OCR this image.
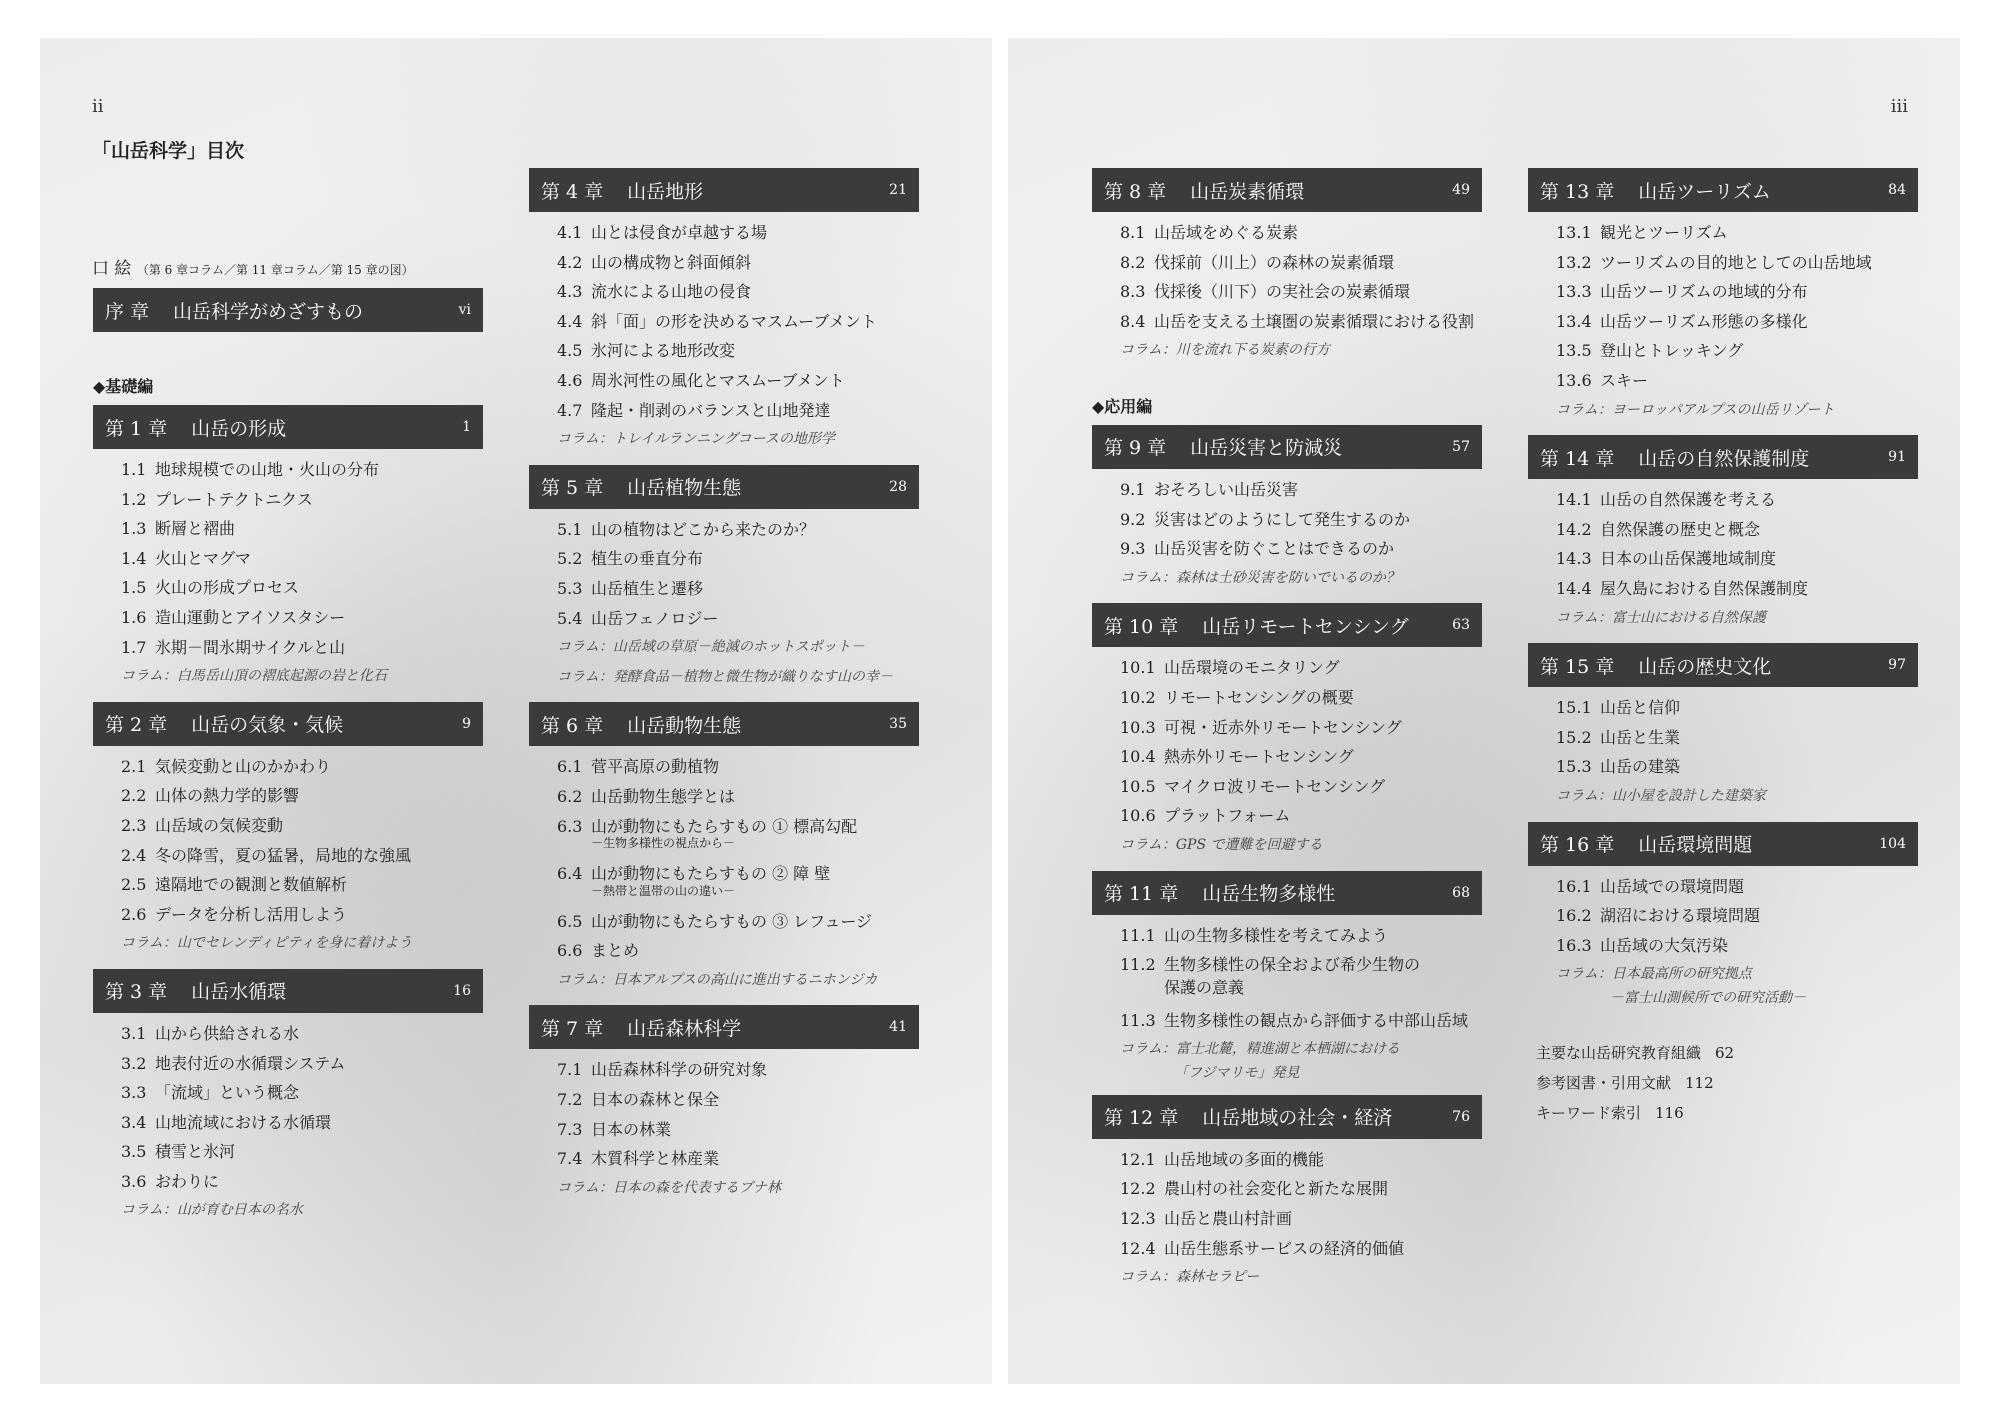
ii
「山岳科学」目次
口 絵 （第 6 章コラム／第 11 章コラム／第 15 章の図）
序 章 山岳科学がめざすもの	vi
◆基礎編
第 1 章 山岳の形成	1
1.1 地球規模での山地・火山の分布
1.2 プレートテクトニクス
1.3 断層と褶曲
1.4 火山とマグマ
1.5 火山の形成プロセス
1.6 造山運動とアイソスタシー
1.7 氷期－間氷期サイクルと山
コラム：白馬岳山頂の褶底起源の岩と化石
第 2 章 山岳の気象・気候	9
2.1 気候変動と山のかかわり
2.2 山体の熱力学的影響
2.3 山岳域の気候変動
2.4 冬の降雪，夏の猛暑，局地的な強風
2.5 遠隔地での観測と数値解析
2.6 データを分析し活用しよう
コラム：山でセレンディピティを身に着けよう
第 3 章 山岳水循環	16
3.1 山から供給される水
3.2 地表付近の水循環システム
3.3 「流域」という概念
3.4 山地流域における水循環
3.5 積雪と氷河
3.6 おわりに
コラム：山が育む日本の名水
第 4 章 山岳地形	21
4.1 山とは侵食が卓越する場
4.2 山の構成物と斜面傾斜
4.3 流水による山地の侵食
4.4 斜「面」の形を決めるマスムーブメント
4.5 氷河による地形改変
4.6 周氷河性の風化とマスムーブメント
4.7 隆起・削剥のバランスと山地発達
コラム：トレイルランニングコースの地形学
第 5 章 山岳植物生態	28
5.1 山の植物はどこから来たのか？
5.2 植生の垂直分布
5.3 山岳植生と遷移
5.4 山岳フェノロジー
コラム：山岳域の草原－絶滅のホットスポット－
コラム：発酵食品－植物と微生物が織りなす山の幸－
第 6 章 山岳動物生態	35
6.1 菅平高原の動植物
6.2 山岳動物生態学とは
6.3 山が動物にもたらすもの ① 標高勾配
－生物多様性の視点から－
6.4 山が動物にもたらすもの ② 障 壁
－熱帯と温帯の山の違い－
6.5 山が動物にもたらすもの ③ レフュージ
6.6 まとめ
コラム：日本アルプスの高山に進出するニホンジカ
第 7 章 山岳森林科学	41
7.1 山岳森林科学の研究対象
7.2 日本の森林と保全
7.3 日本の林業
7.4 木質科学と林産業
コラム：日本の森を代表するブナ林
iii
第 8 章 山岳炭素循環	49
8.1 山岳域をめぐる炭素
8.2 伐採前（川上）の森林の炭素循環
8.3 伐採後（川下）の実社会の炭素循環
8.4 山岳を支える土壌圏の炭素循環における役割
コラム：川を流れ下る炭素の行方
◆応用編
第 9 章 山岳災害と防減災	57
9.1 おそろしい山岳災害
9.2 災害はどのようにして発生するのか
9.3 山岳災害を防ぐことはできるのか
コラム：森林は土砂災害を防いでいるのか？
第 10 章 山岳リモートセンシング	63
10.1 山岳環境のモニタリング
10.2 リモートセンシングの概要
10.3 可視・近赤外リモートセンシング
10.4 熱赤外リモートセンシング
10.5 マイクロ波リモートセンシング
10.6 プラットフォーム
コラム：GPS で遭難を回避する
第 11 章 山岳生物多様性	68
11.1 山の生物多様性を考えてみよう
11.2 生物多様性の保全および希少生物の
保護の意義
11.3 生物多様性の観点から評価する中部山岳域
コラム：富士北麓，精進湖と本栖湖における
「フジマリモ」発見
第 12 章 山岳地域の社会・経済	76
12.1 山岳地域の多面的機能
12.2 農山村の社会変化と新たな展開
12.3 山岳と農山村計画
12.4 山岳生態系サービスの経済的価値
コラム：森林セラピー
第 13 章 山岳ツーリズム	84
13.1 観光とツーリズム
13.2 ツーリズムの目的地としての山岳地域
13.3 山岳ツーリズムの地域的分布
13.4 山岳ツーリズム形態の多様化
13.5 登山とトレッキング
13.6 スキー
コラム：ヨーロッパアルプスの山岳リゾート
第 14 章 山岳の自然保護制度	91
14.1 山岳の自然保護を考える
14.2 自然保護の歴史と概念
14.3 日本の山岳保護地域制度
14.4 屋久島における自然保護制度
コラム：富士山における自然保護
第 15 章 山岳の歴史文化	97
15.1 山岳と信仰
15.2 山岳と生業
15.3 山岳の建築
コラム：山小屋を設計した建築家
第 16 章 山岳環境問題	104
16.1 山岳域での環境問題
16.2 湖沼における環境問題
16.3 山岳域の大気汚染
コラム：日本最高所の研究拠点
－富士山測候所での研究活動－
主要な山岳研究教育組織 62
参考図書・引用文献 112
キーワード索引 116
